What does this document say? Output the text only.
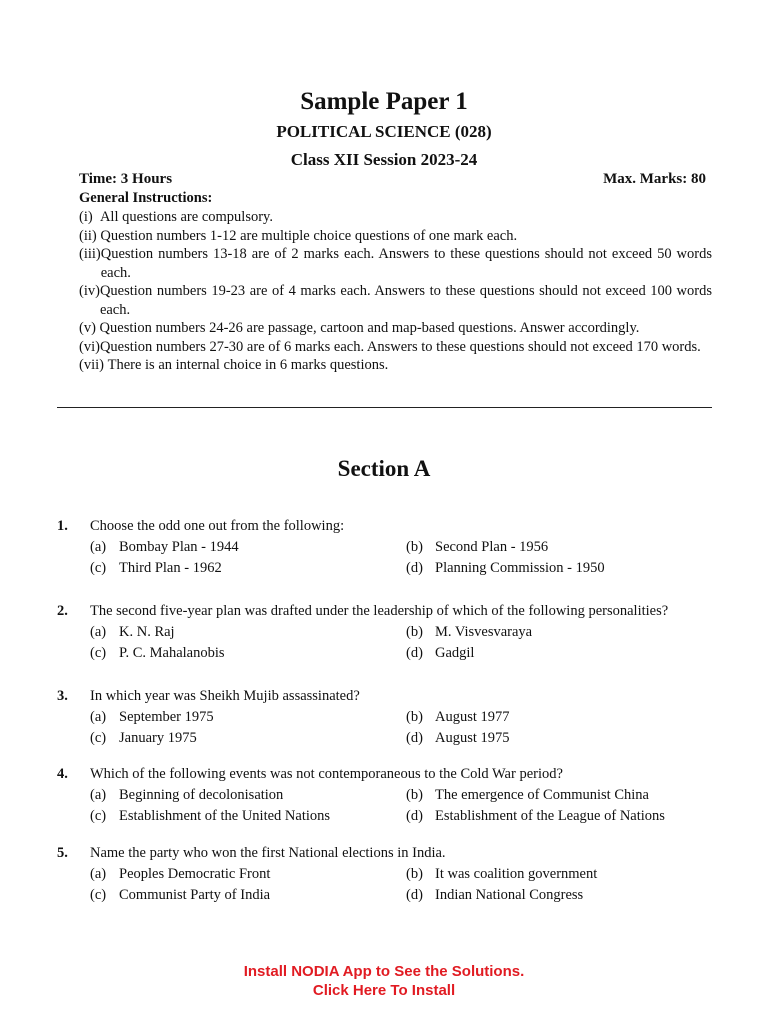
Sample Paper 1
POLITICAL SCIENCE (028)
Class XII Session 2023-24
Time: 3 Hours	Max. Marks: 80
General Instructions:
(i) All questions are compulsory.
(ii) Question numbers 1-12 are multiple choice questions of one mark each.
(iii) Question numbers 13-18 are of 2 marks each. Answers to these questions should not exceed 50 words each.
(iv) Question numbers 19-23 are of 4 marks each. Answers to these questions should not exceed 100 words each.
(v) Question numbers 24-26 are passage, cartoon and map-based questions. Answer accordingly.
(vi) Question numbers 27-30 are of 6 marks each. Answers to these questions should not exceed 170 words.
(vii) There is an internal choice in 6 marks questions.
Section A
1. Choose the odd one out from the following:
(a) Bombay Plan - 1944	(b) Second Plan - 1956
(c) Third Plan - 1962	(d) Planning Commission - 1950
2. The second five-year plan was drafted under the leadership of which of the following personalities?
(a) K. N. Raj	(b) M. Visvesvaraya
(c) P. C. Mahalanobis	(d) Gadgil
3. In which year was Sheikh Mujib assassinated?
(a) September 1975	(b) August 1977
(c) January 1975	(d) August 1975
4. Which of the following events was not contemporaneous to the Cold War period?
(a) Beginning of decolonisation	(b) The emergence of Communist China
(c) Establishment of the United Nations	(d) Establishment of the League of Nations
5. Name the party who won the first National elections in India.
(a) Peoples Democratic Front	(b) It was coalition government
(c) Communist Party of India	(d) Indian National Congress
Install NODIA App to See the Solutions.
Click Here To Install
